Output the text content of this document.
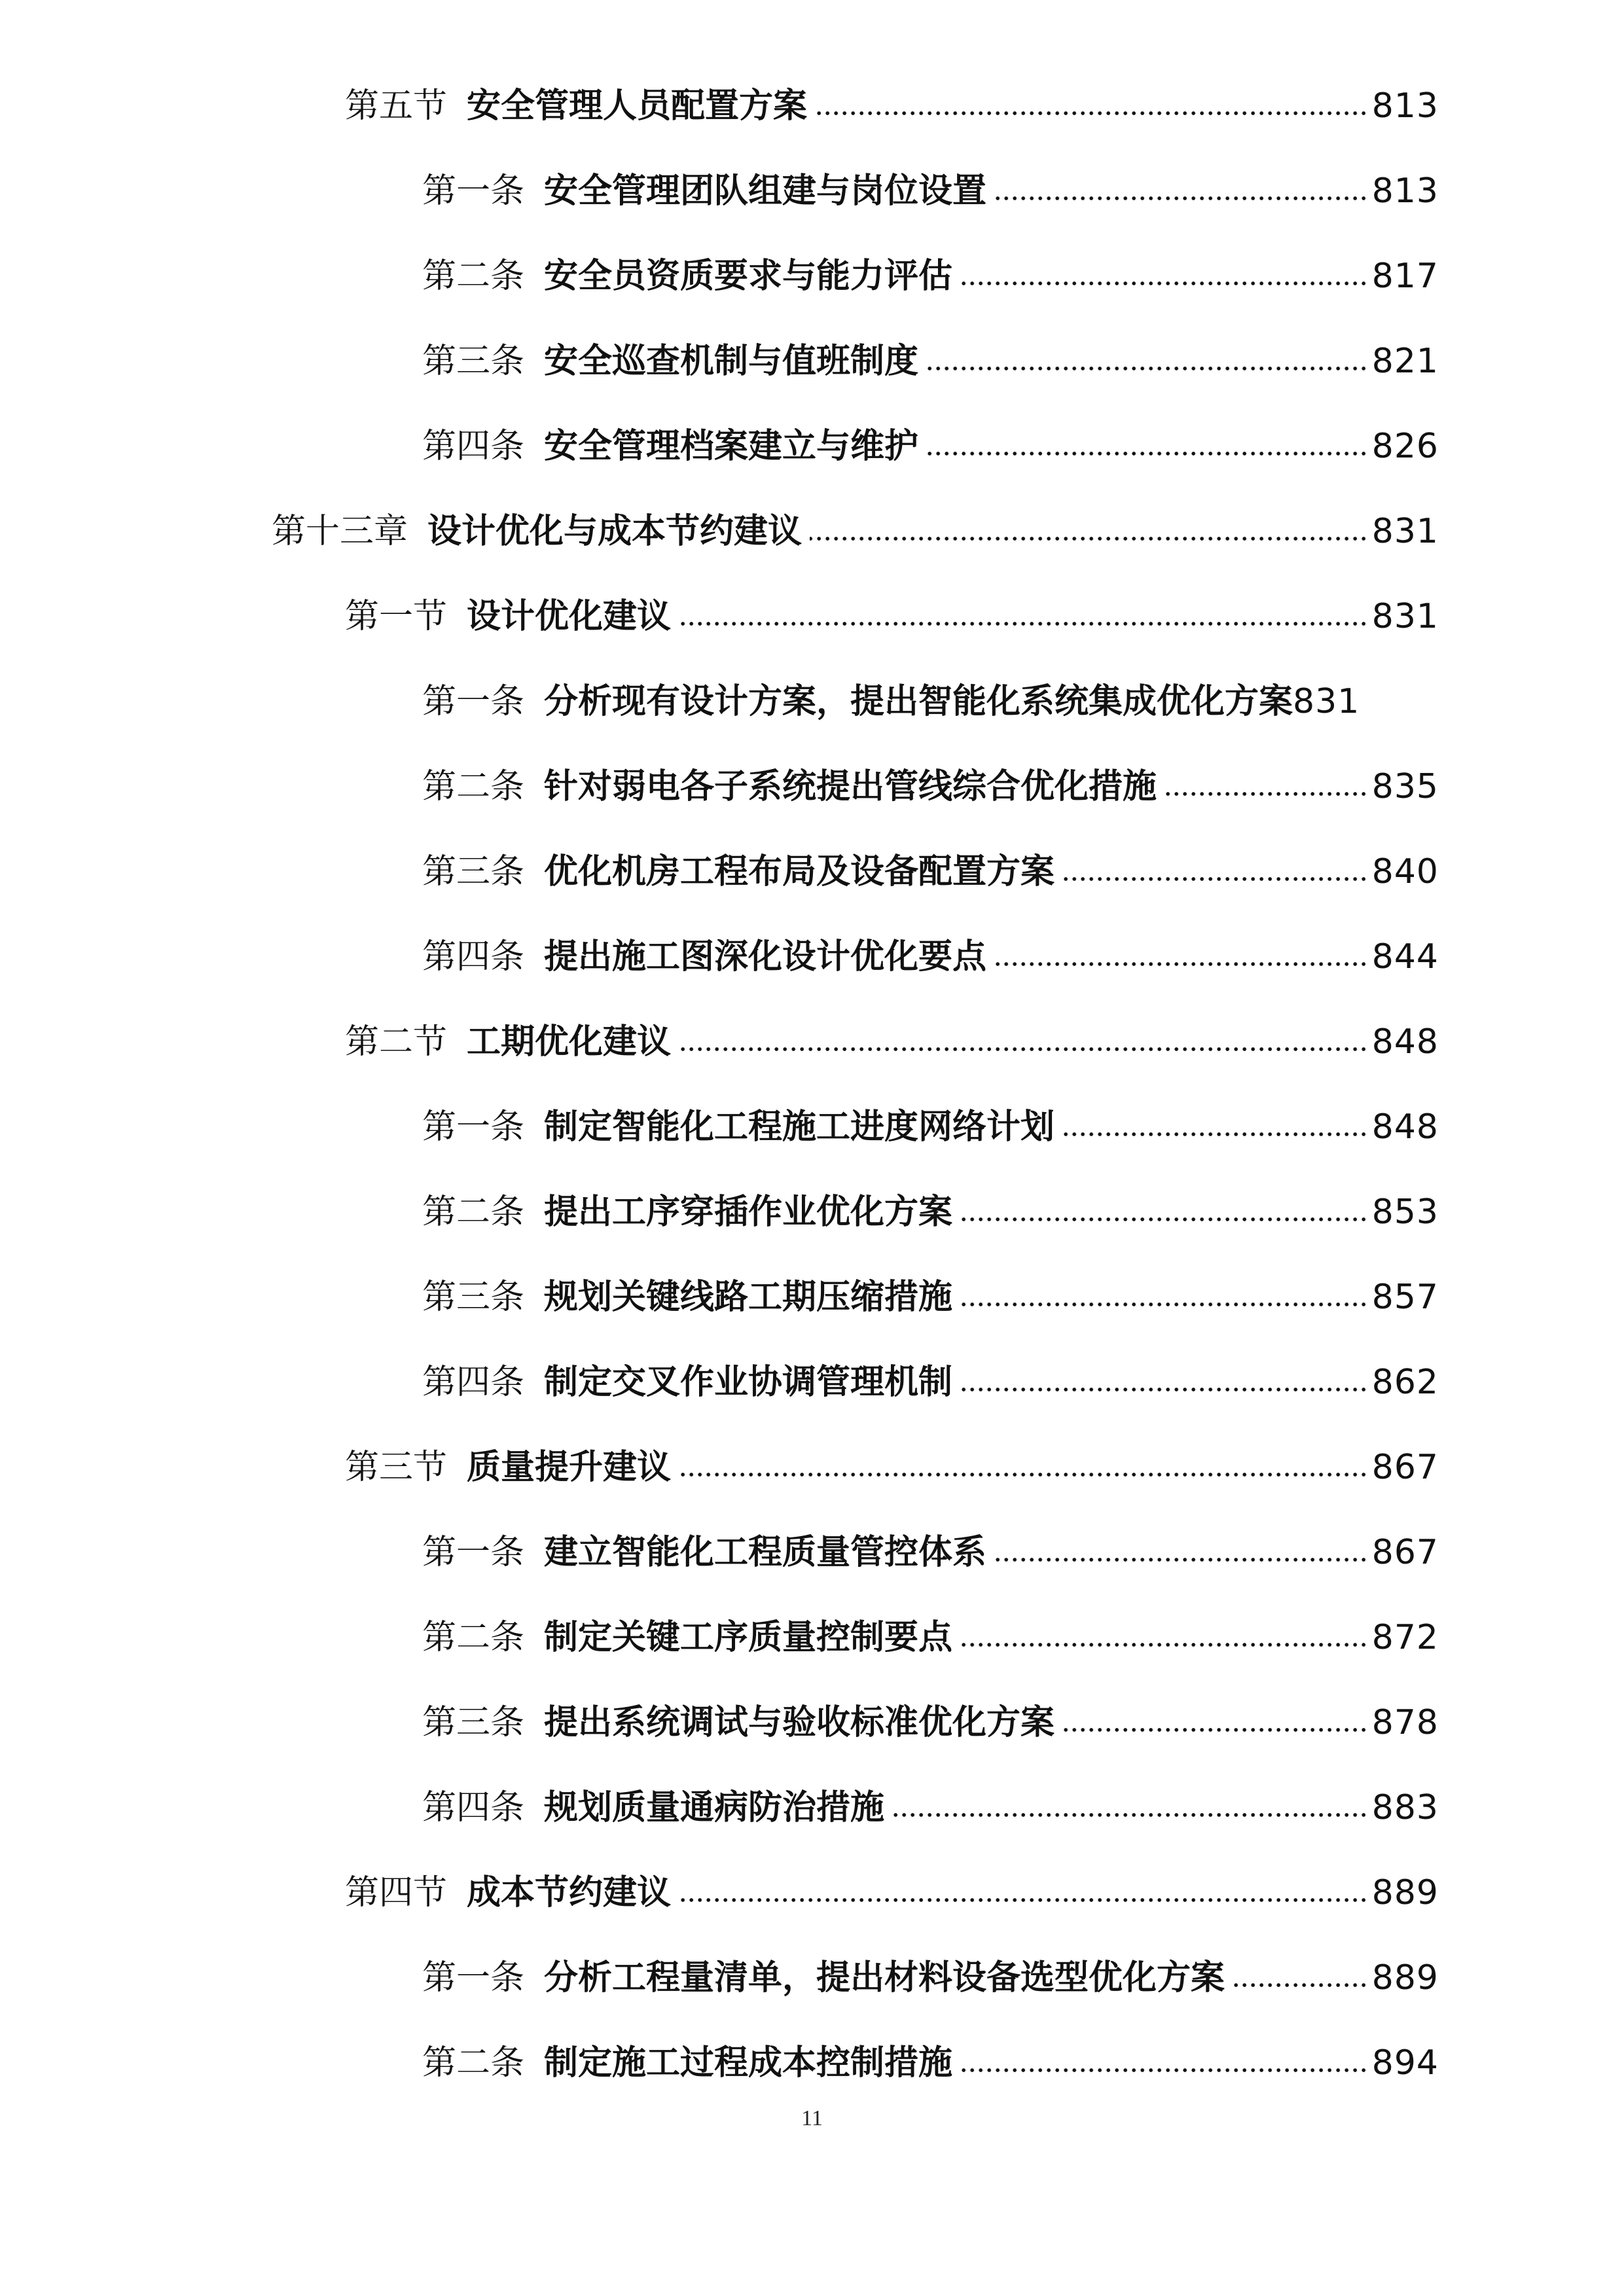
第五节 安全管理人员配置方案	813
第一条 安全管理团队组建与岗位设置	813
第二条 安全员资质要求与能力评估	817
第三条 安全巡查机制与值班制度	821
第四条 安全管理档案建立与维护	826
第十三章 设计优化与成本节约建议	831
第一节 设计优化建议	831
第一条 分析现有设计方案，提出智能化系统集成优化方案 831
第二条 针对弱电各子系统提出管线综合优化措施	835
第三条 优化机房工程布局及设备配置方案	840
第四条 提出施工图深化设计优化要点	844
第二节 工期优化建议	848
第一条 制定智能化工程施工进度网络计划	848
第二条 提出工序穿插作业优化方案	853
第三条 规划关键线路工期压缩措施	857
第四条 制定交叉作业协调管理机制	862
第三节 质量提升建议	867
第一条 建立智能化工程质量管控体系	867
第二条 制定关键工序质量控制要点	872
第三条 提出系统调试与验收标准优化方案	878
第四条 规划质量通病防治措施	883
第四节 成本节约建议	889
第一条 分析工程量清单，提出材料设备选型优化方案	889
第二条 制定施工过程成本控制措施	894
11
